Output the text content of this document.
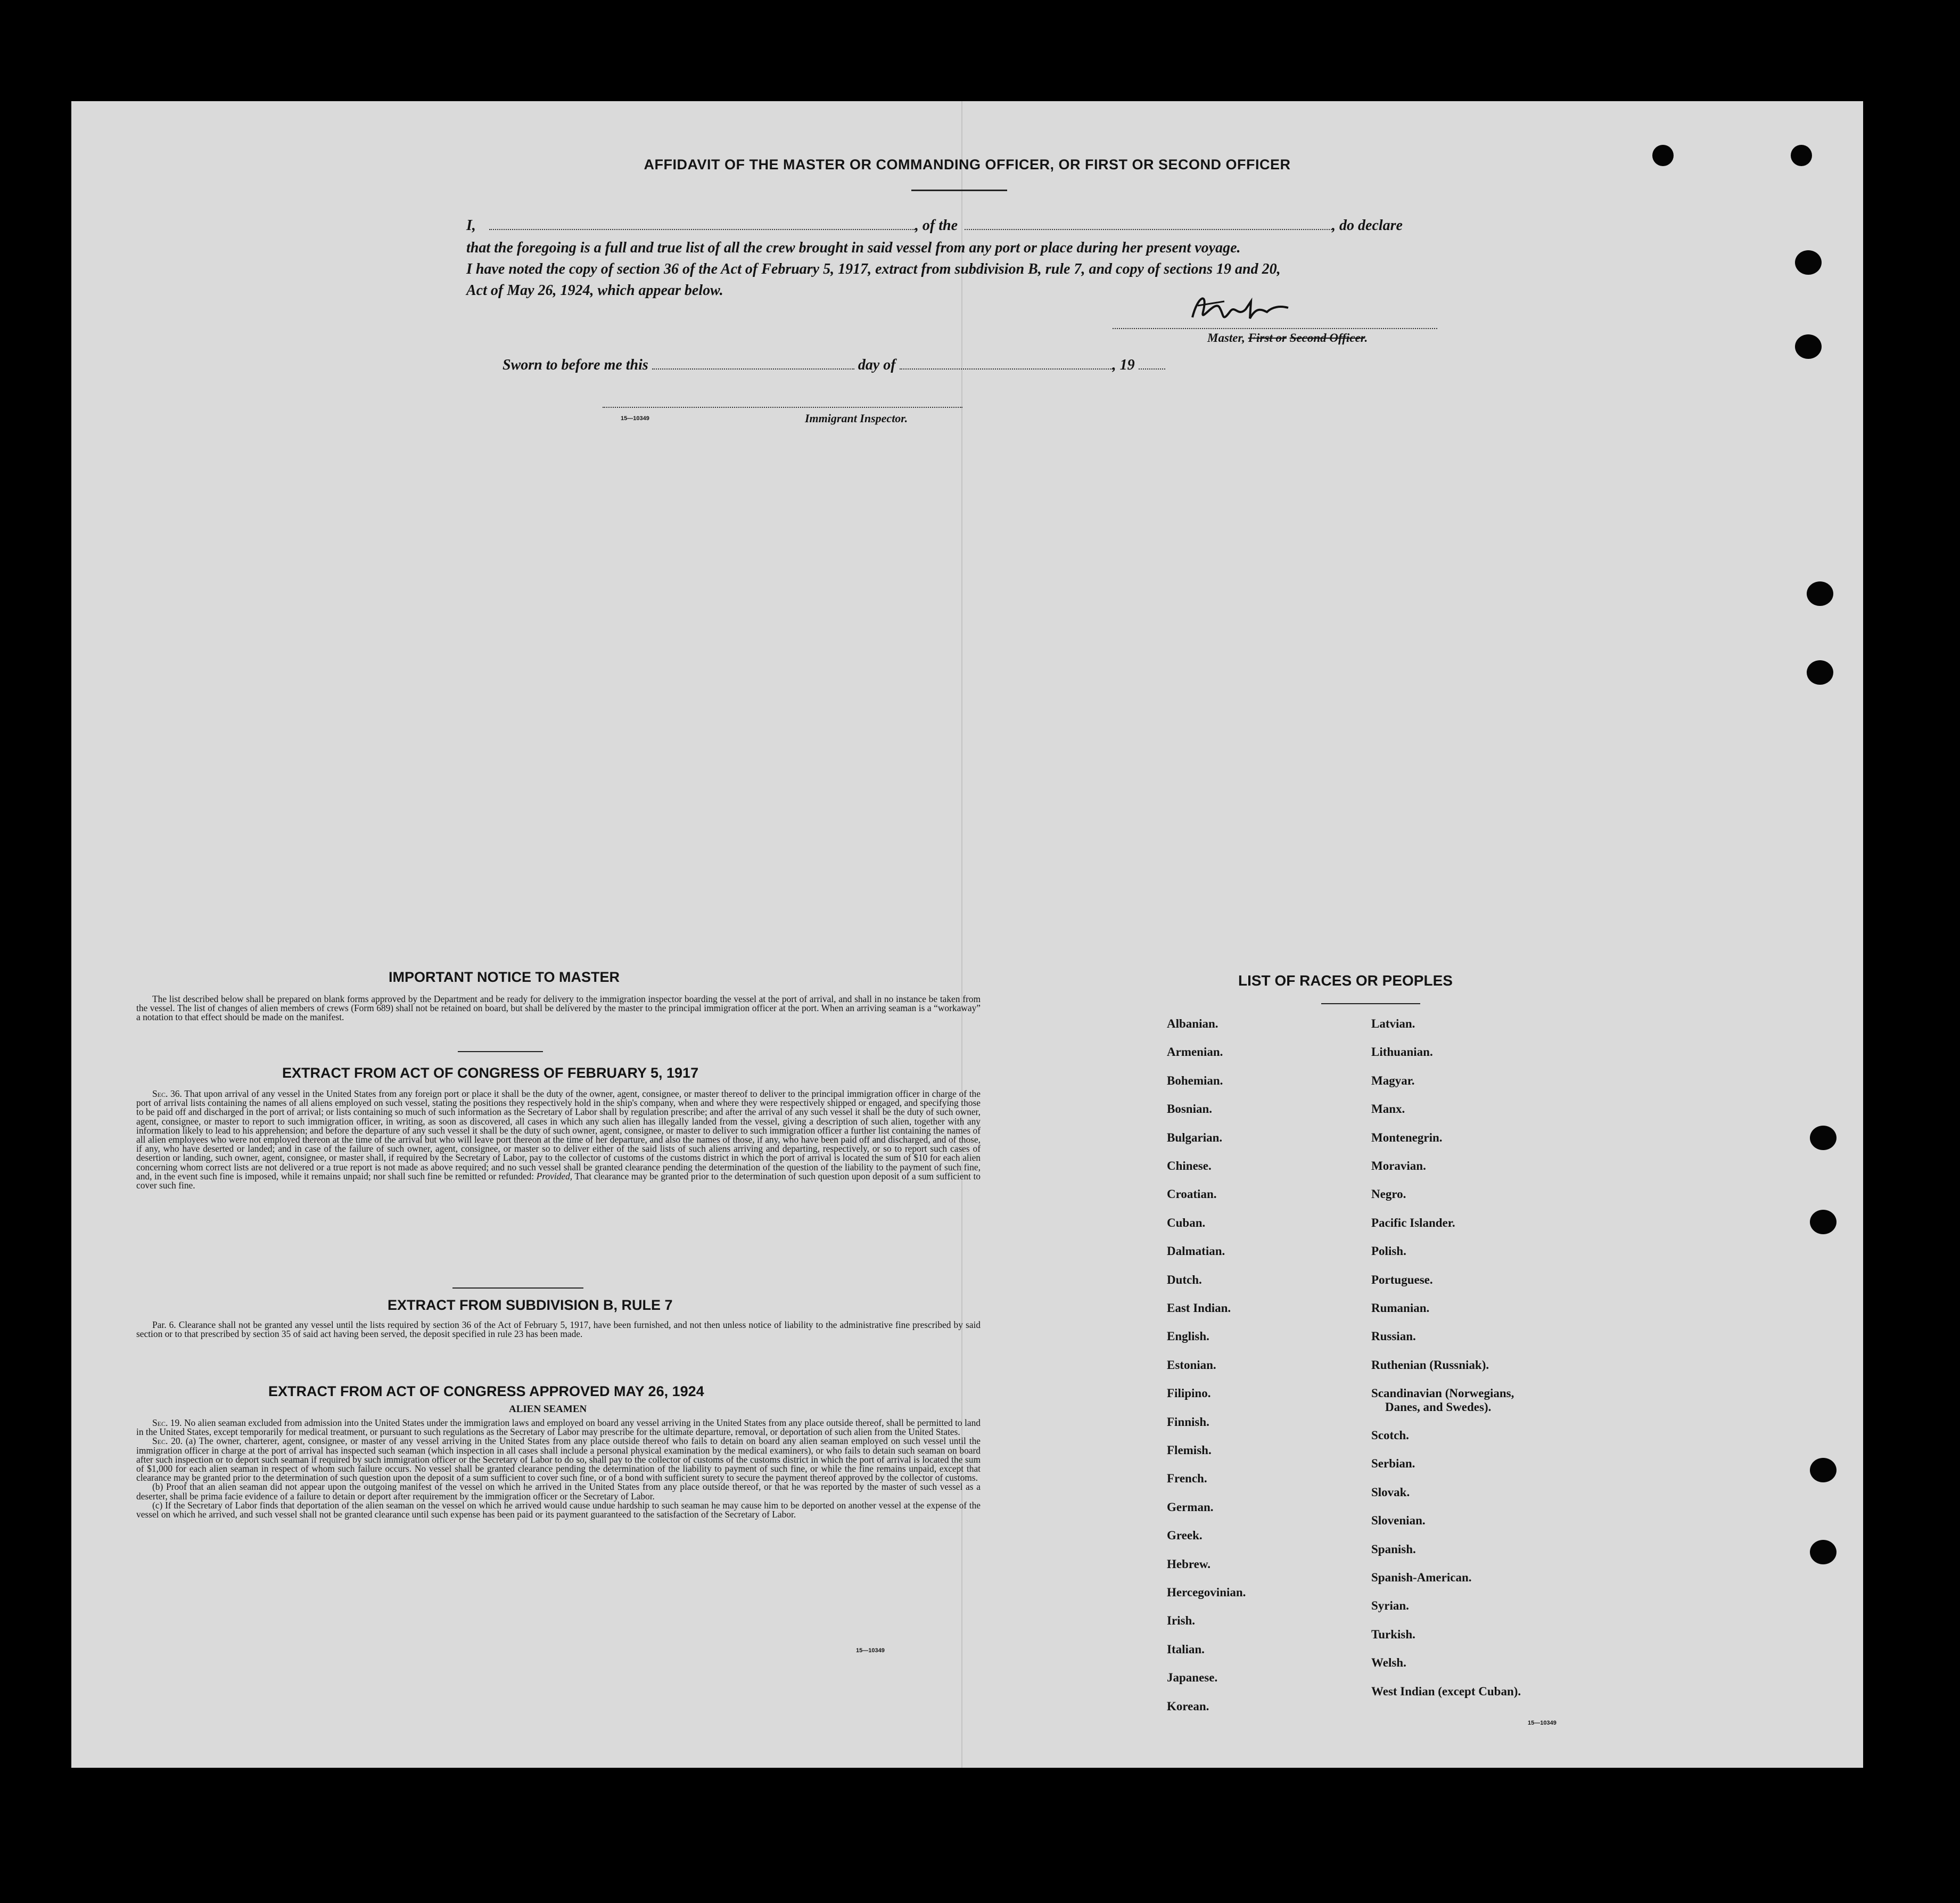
AFFIDAVIT OF THE MASTER OR COMMANDING OFFICER, OR FIRST OR SECOND OFFICER
I,	, of the	, do declare
that the foregoing is a full and true list of all the crew brought in said vessel from any port or place during her present voyage.
I have noted the copy of section 36 of the Act of February 5, 1917, extract from subdivision B, rule 7, and copy of sections 19 and 20,
Act of May 26, 1924, which appear below.
Master, First or Second Officer.
Sworn to before me this	day of	, 19
15—10349	Immigrant Inspector.
IMPORTANT NOTICE TO MASTER

The list described below shall be prepared on blank forms approved by the Department and be ready for delivery to the immigration inspector boarding the vessel at the port of arrival, and shall in no instance be taken from the vessel. The list of changes of alien members of crews (Form 689) shall not be retained on board, but shall be delivered by the master to the principal immigration officer at the port. When an arriving seaman is a “workaway” a notation to that effect should be made on the manifest.

EXTRACT FROM ACT OF CONGRESS OF FEBRUARY 5, 1917

Sec. 36. That upon arrival of any vessel in the United States from any foreign port or place it shall be the duty of the owner, agent, consignee, or master thereof to deliver to the principal immigration officer in charge of the port of arrival lists containing the names of all aliens employed on such vessel, stating the positions they respectively hold in the ship's company, when and where they were respectively shipped or engaged, and specifying those to be paid off and discharged in the port of arrival; or lists containing so much of such information as the Secretary of Labor shall by regulation prescribe; and after the arrival of any such vessel it shall be the duty of such owner, agent, consignee, or master to report to such immigration officer, in writing, as soon as discovered, all cases in which any such alien has illegally landed from the vessel, giving a description of such alien, together with any information likely to lead to his apprehension; and before the departure of any such vessel it shall be the duty of such owner, agent, consignee, or master to deliver to such immigration officer a further list containing the names of all alien employees who were not employed thereon at the time of the arrival but who will leave port thereon at the time of her departure, and also the names of those, if any, who have been paid off and discharged, and of those, if any, who have deserted or landed; and in case of the failure of such owner, agent, consignee, or master so to deliver either of the said lists of such aliens arriving and departing, respectively, or so to report such cases of desertion or landing, such owner, agent, consignee, or master shall, if required by the Secretary of Labor, pay to the collector of customs of the customs district in which the port of arrival is located the sum of $10 for each alien concerning whom correct lists are not delivered or a true report is not made as above required; and no such vessel shall be granted clearance pending the determination of the question of the liability to the payment of such fine, and, in the event such fine is imposed, while it remains unpaid; nor shall such fine be remitted or refunded: Provided, That clearance may be granted prior to the determination of such question upon deposit of a sum sufficient to cover such fine.

EXTRACT FROM SUBDIVISION B, RULE 7

Par. 6. Clearance shall not be granted any vessel until the lists required by section 36 of the Act of February 5, 1917, have been furnished, and not then unless notice of liability to the administrative fine prescribed by said section or to that prescribed by section 35 of said act having been served, the deposit specified in rule 23 has been made.

EXTRACT FROM ACT OF CONGRESS APPROVED MAY 26, 1924
ALIEN SEAMEN

Sec. 19. No alien seaman excluded from admission into the United States under the immigration laws and employed on board any vessel arriving in the United States from any place outside thereof, shall be permitted to land in the United States, except temporarily for medical treatment, or pursuant to such regulations as the Secretary of Labor may prescribe for the ultimate departure, removal, or deportation of such alien from the United States.

Sec. 20. (a) The owner, charterer, agent, consignee, or master of any vessel arriving in the United States from any place outside thereof who fails to detain on board any alien seaman employed on such vessel until the immigration officer in charge at the port of arrival has inspected such seaman (which inspection in all cases shall include a personal physical examination by the medical examiners), or who fails to detain such seaman on board after such inspection or to deport such seaman if required by such immigration officer or the Secretary of Labor to do so, shall pay to the collector of customs of the customs district in which the port of arrival is located the sum of $1,000 for each alien seaman in respect of whom such failure occurs. No vessel shall be granted clearance pending the determination of the liability to payment of such fine, or while the fine remains unpaid, except that clearance may be granted prior to the determination of such question upon the deposit of a sum sufficient to cover such fine, or of a bond with sufficient surety to secure the payment thereof approved by the collector of customs.

(b) Proof that an alien seaman did not appear upon the outgoing manifest of the vessel on which he arrived in the United States from any place outside thereof, or that he was reported by the master of such vessel as a deserter, shall be prima facie evidence of a failure to detain or deport after requirement by the immigration officer or the Secretary of Labor.

(c) If the Secretary of Labor finds that deportation of the alien seaman on the vessel on which he arrived would cause undue hardship to such seaman he may cause him to be deported on another vessel at the expense of the vessel on which he arrived, and such vessel shall not be granted clearance until such expense has been paid or its payment guaranteed to the satisfaction of the Secretary of Labor.

15—10349
LIST OF RACES OR PEOPLES
Albanian.
Armenian.
Bohemian.
Bosnian.
Bulgarian.
Chinese.
Croatian.
Cuban.
Dalmatian.
Dutch.
East Indian.
English.
Estonian.
Filipino.
Finnish.
Flemish.
French.
German.
Greek.
Hebrew.
Hercegovinian.
Irish.
Italian.
Japanese.
Korean.
Latvian.
Lithuanian.
Magyar.
Manx.
Montenegrin.
Moravian.
Negro.
Pacific Islander.
Polish.
Portuguese.
Rumanian.
Russian.
Ruthenian (Russniak).
Scandinavian (Norwegians,
Danes, and Swedes).
Scotch.
Serbian.
Slovak.
Slovenian.
Spanish.
Spanish-American.
Syrian.
Turkish.
Welsh.
West Indian (except Cuban).
15—10349
